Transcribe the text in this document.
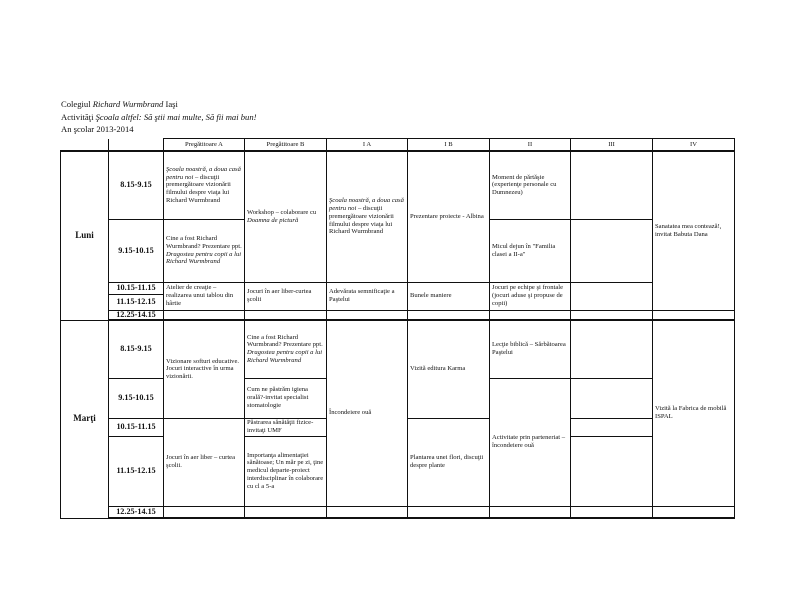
Colegiul Richard Wurmbrand Iaşi
Activităţi Şcoala altfel: Să ştii mai multe, Să fii mai bun!
An şcolar 2013-2014
		Pregătitoare A	Pregătitoare B	I A	I B	II	III	IV
Luni	8.15-9.15	Şcoala noastră, a doua casă pentru noi – discuţii premergătoare vizionării filmului despre viaţa lui Richard Wurmbrand	Workshop – colaborare cu Doamna de pictură	Şcoala noastră, a doua casă pentru noi – discuţii premergătoare vizionării filmului despre viaţa lui Richard Wurmbrand	Prezentare proiecte - Albina	Moment de părtăşie (experienţe personale cu Dumnezeu)		Sanatatea mea contează!, invitat Babuta Dana
	9.15-10.15	Cine a fost Richard Wurmbrand? Prezentare ppt. Dragostea pentru copii a lui Richard Wurmbrand				Micul dejun în "Familia clasei a II-a"		
	10.15-11.15	Atelier de creaţie – realizarea unui tablou din hârtie	Jocuri în aer liber-curtea şcolii	Adevărata semnificaţie a Paştelui	Bunele maniere	Jocuri pe echipe şi frontale (jocuri aduse şi propuse de copii)		
	11.15-12.15							
	12.25-14.15							
Marţi	8.15-9.15	Vizionare softuri educative. Jocuri interactive în urma vizionării.	Cine a fost Richard Wurmbrand? Prezentare ppt. Dragostea pentru copii a lui Richard Wurmbrand	Încondeiere ouă	Vizită editura Karma	Lecţie biblică – Sărbătoarea Paştelui		Vizită la Fabrica de mobilă ISPAL
	9.15-10.15		Cum ne păstrăm igiena orală?-invitat specialist stomatologie			Activitate prin parteneriat – încondeiere ouă		
	10.15-11.15	Jocuri în aer liber – curtea şcolii.	Păstrarea sănătăţii fizice-invitaţi UMF		Plantarea unei flori, discuţii despre plante			
	11.15-12.15		Importanţa alimentaţiei sănătoase; Un măr pe zi, ţine medicul departe-proiect interdisciplinar în colaborare cu cl a 5-a					
	12.25-14.15							
